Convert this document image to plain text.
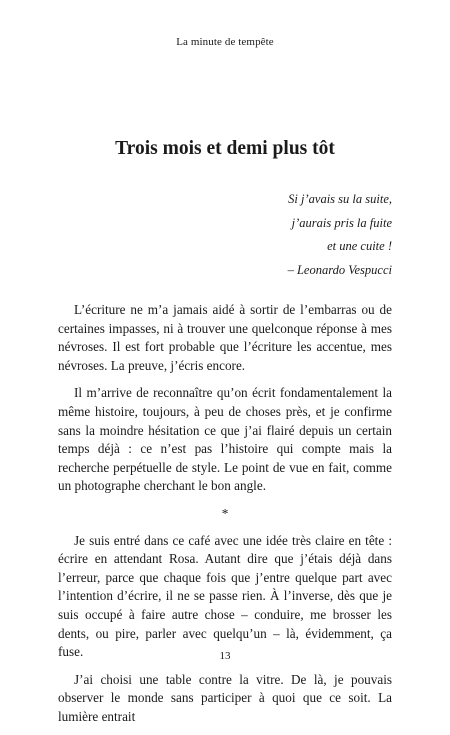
La minute de tempête
Trois mois et demi plus tôt
Si j’avais su la suite,
j’aurais pris la fuite
et une cuite !
– Leonardo Vespucci

L’écriture ne m’a jamais aidé à sortir de l’embarras ou de certaines impasses, ni à trouver une quelconque réponse à mes névroses. Il est fort probable que l’écriture les accentue, mes névroses. La preuve, j’écris encore.

Il m’arrive de reconnaître qu’on écrit fondamentalement la même histoire, toujours, à peu de choses près, et je confirme sans la moindre hésitation ce que j’ai flairé depuis un certain temps déjà : ce n’est pas l’histoire qui compte mais la recherche perpétuelle de style. Le point de vue en fait, comme un photographe cherchant le bon angle.

*

Je suis entré dans ce café avec une idée très claire en tête : écrire en attendant Rosa. Autant dire que j’étais déjà dans l’erreur, parce que chaque fois que j’entre quelque part avec l’intention d’écrire, il ne se passe rien. À l’inverse, dès que je suis occupé à faire autre chose – conduire, me brosser les dents, ou pire, parler avec quelqu’un – là, évidemment, ça fuse.

J’ai choisi une table contre la vitre. De là, je pouvais observer le monde sans participer à quoi que ce soit. La lumière entrait

13
